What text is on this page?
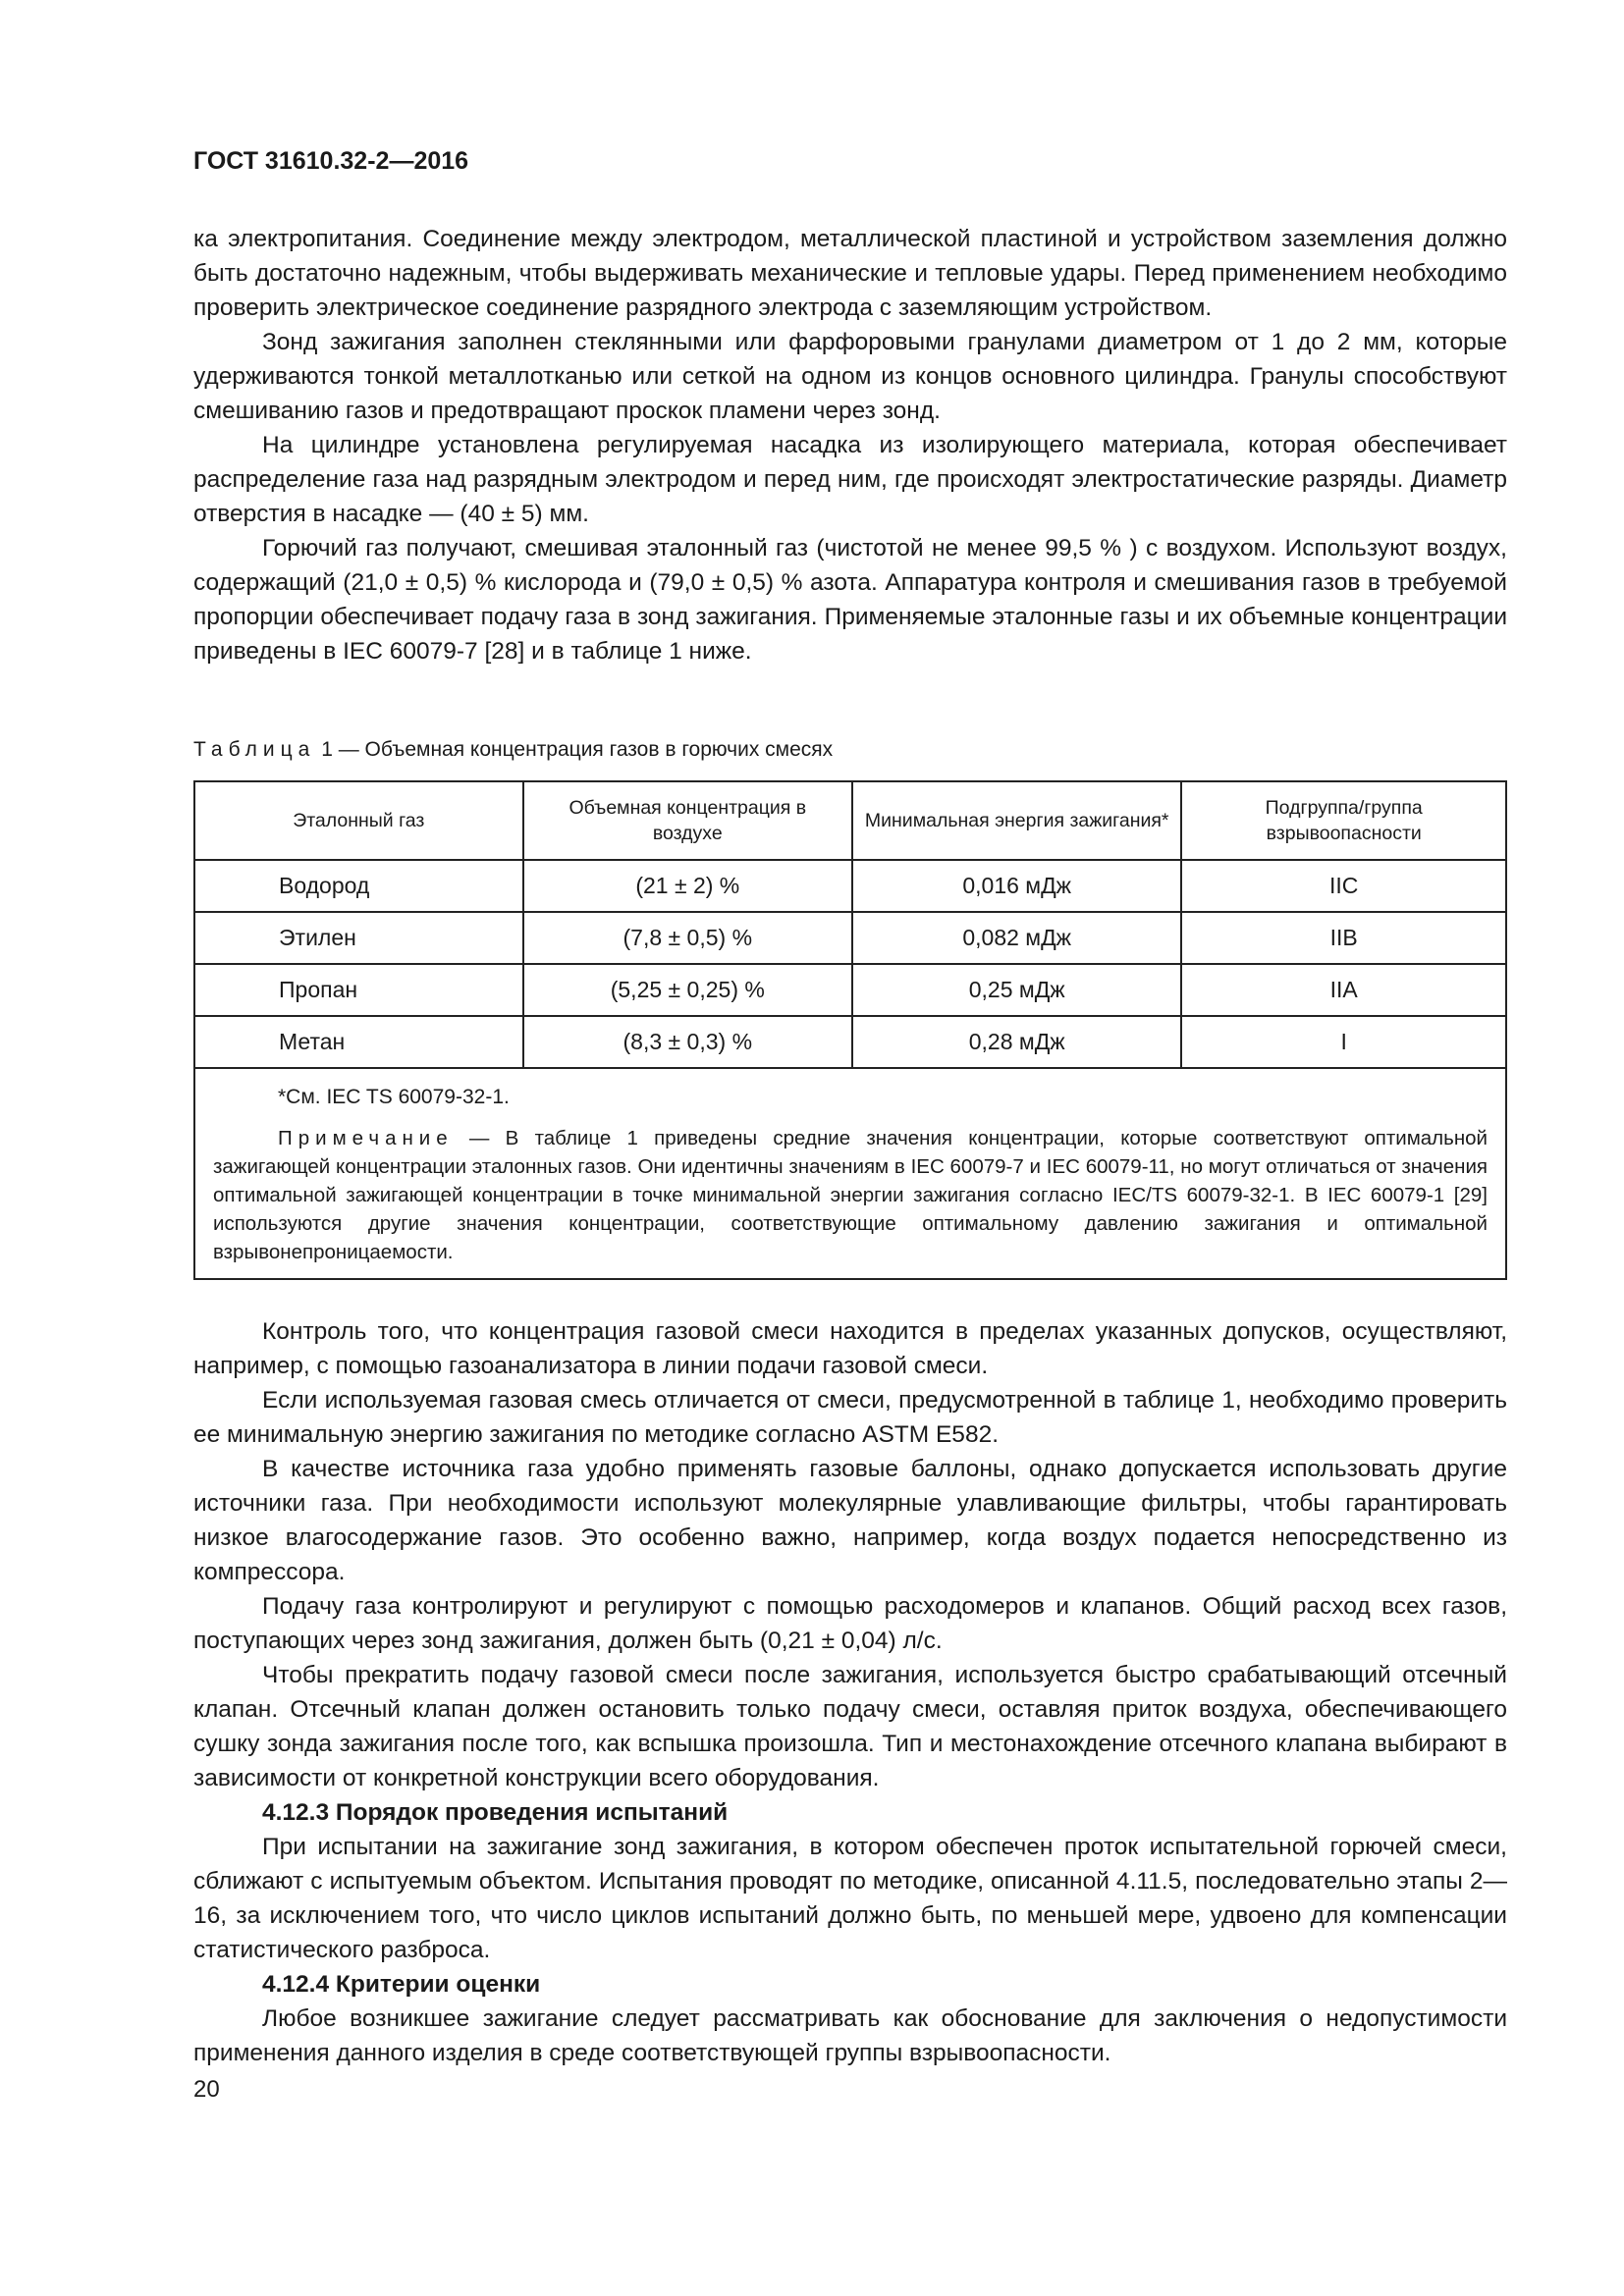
ГОСТ 31610.32-2—2016

ка электропитания. Соединение между электродом, металлической пластиной и устройством заземления должно быть достаточно надежным, чтобы выдерживать механические и тепловые удары. Перед применением необходимо проверить электрическое соединение разрядного электрода с заземляющим устройством.

Зонд зажигания заполнен стеклянными или фарфоровыми гранулами диаметром от 1 до 2 мм, которые удерживаются тонкой металлотканью или сеткой на одном из концов основного цилиндра. Гранулы способствуют смешиванию газов и предотвращают проскок пламени через зонд.

На цилиндре установлена регулируемая насадка из изолирующего материала, которая обеспечивает распределение газа над разрядным электродом и перед ним, где происходят электростатические разряды. Диаметр отверстия в насадке — (40 ± 5) мм.

Горючий газ получают, смешивая эталонный газ (чистотой не менее 99,5 % ) с воздухом. Используют воздух, содержащий (21,0 ± 0,5) % кислорода и (79,0 ± 0,5) % азота. Аппаратура контроля и смешивания газов в требуемой пропорции обеспечивает подачу газа в зонд зажигания. Применяемые эталонные газы и их объемные концентрации приведены в IEC 60079-7 [28] и в таблице 1 ниже.

Таблица 1 — Объемная концентрация газов в горючих смесях
Эталонный газ	Объемная концентрация в воздухе	Минимальная энергия зажигания*	Подгруппа/группа взрывоопасности
Водород	(21 ± 2) %	0,016 мДж	IIC
Этилен	(7,8 ± 0,5) %	0,082 мДж	IIB
Пропан	(5,25 ± 0,25) %	0,25 мДж	IIA
Метан	(8,3 ± 0,3) %	0,28 мДж	I

*См. IEC TS 60079-32-1.
Примечание — В таблице 1 приведены средние значения концентрации, которые соответствуют оптимальной зажигающей концентрации эталонных газов. Они идентичны значениям в IEC 60079-7 и IEC 60079-11, но могут отличаться от значения оптимальной зажигающей концентрации в точке минимальной энергии зажигания согласно IEC/TS 60079-32-1. В IEC 60079-1 [29] используются другие значения концентрации, соответствующие оптимальному давлению зажигания и оптимальной взрывонепроницаемости.			

Контроль того, что концентрация газовой смеси находится в пределах указанных допусков, осуществляют, например, с помощью газоанализатора в линии подачи газовой смеси.

Если используемая газовая смесь отличается от смеси, предусмотренной в таблице 1, необходимо проверить ее минимальную энергию зажигания по методике согласно ASTM E582.

В качестве источника газа удобно применять газовые баллоны, однако допускается использовать другие источники газа. При необходимости используют молекулярные улавливающие фильтры, чтобы гарантировать низкое влагосодержание газов. Это особенно важно, например, когда воздух подается непосредственно из компрессора.

Подачу газа контролируют и регулируют с помощью расходомеров и клапанов. Общий расход всех газов, поступающих через зонд зажигания, должен быть (0,21 ± 0,04) л/с.

Чтобы прекратить подачу газовой смеси после зажигания, используется быстро срабатывающий отсечный клапан. Отсечный клапан должен остановить только подачу смеси, оставляя приток воздуха, обеспечивающего сушку зонда зажигания после того, как вспышка произошла. Тип и местонахождение отсечного клапана выбирают в зависимости от конкретной конструкции всего оборудования.

4.12.3 Порядок проведения испытаний

При испытании на зажигание зонд зажигания, в котором обеспечен проток испытательной горючей смеси, сближают с испытуемым объектом. Испытания проводят по методике, описанной 4.11.5, последовательно этапы 2—16, за исключением того, что число циклов испытаний должно быть, по меньшей мере, удвоено для компенсации статистического разброса.

4.12.4 Критерии оценки

Любое возникшее зажигание следует рассматривать как обоснование для заключения о недопустимости применения данного изделия в среде соответствующей группы взрывоопасности.

20
